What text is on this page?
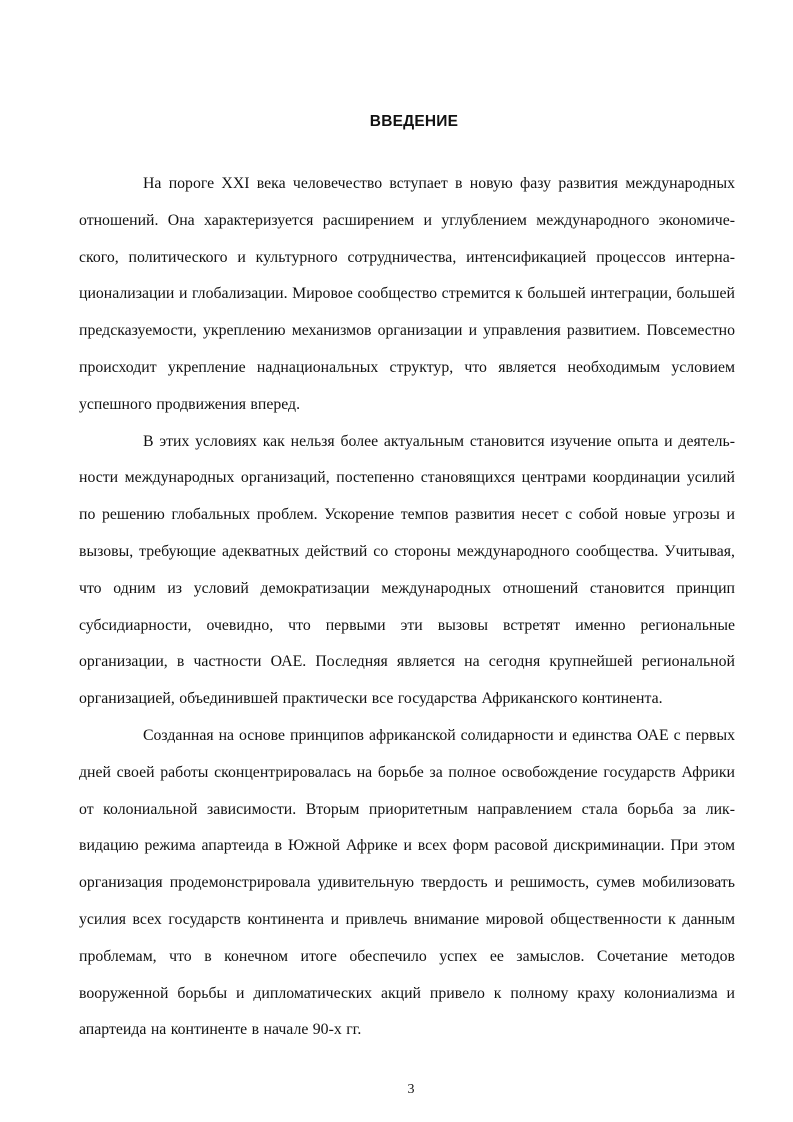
ВВЕДЕНИЕ

На пороге XXI века человечество вступает в новую фазу развития международных отношений. Она характеризуется расширением и углублением международного экономического, политического и культурного сотрудничества, интенсификацией процессов интернационализации и глобализации. Мировое сообщество стремится к большей интеграции, большей предсказуемости, укреплению механизмов организации и управления развитием. Повсеместно происходит укрепление наднациональных структур, что является необходимым условием успешного продвижения вперед.

В этих условиях как нельзя более актуальным становится изучение опыта и деятельности международных организаций, постепенно становящихся центрами координации усилий по решению глобальных проблем. Ускорение темпов развития несет с собой новые угрозы и вызовы, требующие адекватных действий со стороны международного сообщества. Учитывая, что одним из условий демократизации международных отношений становится принцип субсидиарности, очевидно, что первыми эти вызовы встретят именно региональные организации, в частности ОАЕ. Последняя является на сегодня крупнейшей региональной организацией, объединившей практически все государства Африканского континента.

Созданная на основе принципов африканской солидарности и единства ОАЕ с первых дней своей работы сконцентрировалась на борьбе за полное освобождение государств Африки от колониальной зависимости. Вторым приоритетным направлением стала борьба за ликвидацию режима апартеида в Южной Африке и всех форм расовой дискриминации. При этом организация продемонстрировала удивительную твердость и решимость, сумев мобилизовать усилия всех государств континента и привлечь внимание мировой общественности к данным проблемам, что в конечном итоге обеспечило успех ее замыслов. Сочетание методов вооруженной борьбы и дипломатических акций привело к полному краху колониализма и апартеида на континенте в начале 90-х гг.

3
